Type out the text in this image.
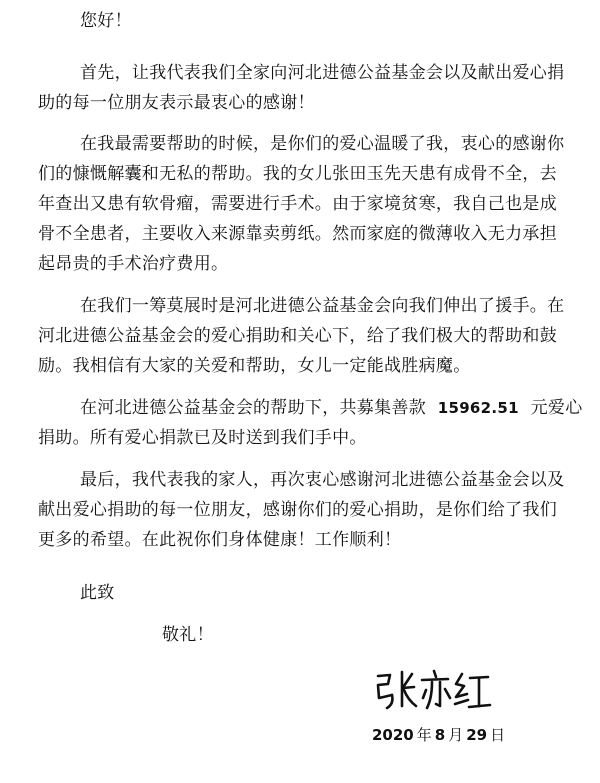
您好！
首先，让我代表我们全家向河北进德公益基金会以及献出爱心捐
助的每一位朋友表示最衷心的感谢！
在我最需要帮助的时候，是你们的爱心温暖了我，衷心的感谢你
们的慷慨解囊和无私的帮助。我的女儿张田玉先天患有成骨不全，去
年查出又患有软骨瘤，需要进行手术。由于家境贫寒，我自己也是成
骨不全患者，主要收入来源靠卖剪纸。然而家庭的微薄收入无力承担
起昂贵的手术治疗费用。
在我们一筹莫展时是河北进德公益基金会向我们伸出了援手。在
河北进德公益基金会的爱心捐助和关心下，给了我们极大的帮助和鼓
励。我相信有大家的关爱和帮助，女儿一定能战胜病魔。
在河北进德公益基金会的帮助下，共募集善款 15962.51 元爱心
捐助。所有爱心捐款已及时送到我们手中。
最后，我代表我的家人，再次衷心感谢河北进德公益基金会以及
献出爱心捐助的每一位朋友，感谢你们的爱心捐助，是你们给了我们
更多的希望。在此祝你们身体健康！工作顺利！
此致
敬礼！
2020 年 8 月 29 日
